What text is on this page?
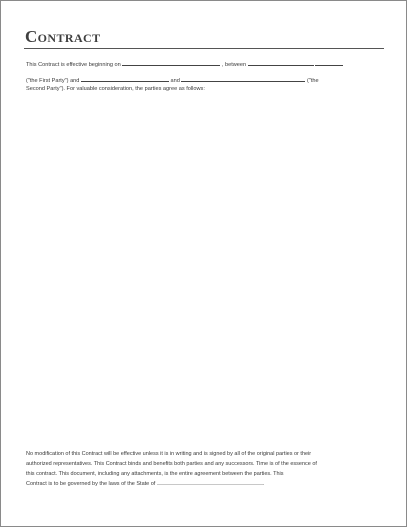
Contract
This Contract is effective beginning on	, between
("the First Party") and	and	("the
Second Party"). For valuable consideration, the parties agree as follows:
No modification of this Contract will be effective unless it is in writing and is signed by all of the original parties or their
authorized representatives. This Contract binds and benefits both parties and any successors. Time is of the essence of
this contract. This document, including any attachments, is the entire agreement between the parties. This
Contract is to be governed by the laws of the State of	.
